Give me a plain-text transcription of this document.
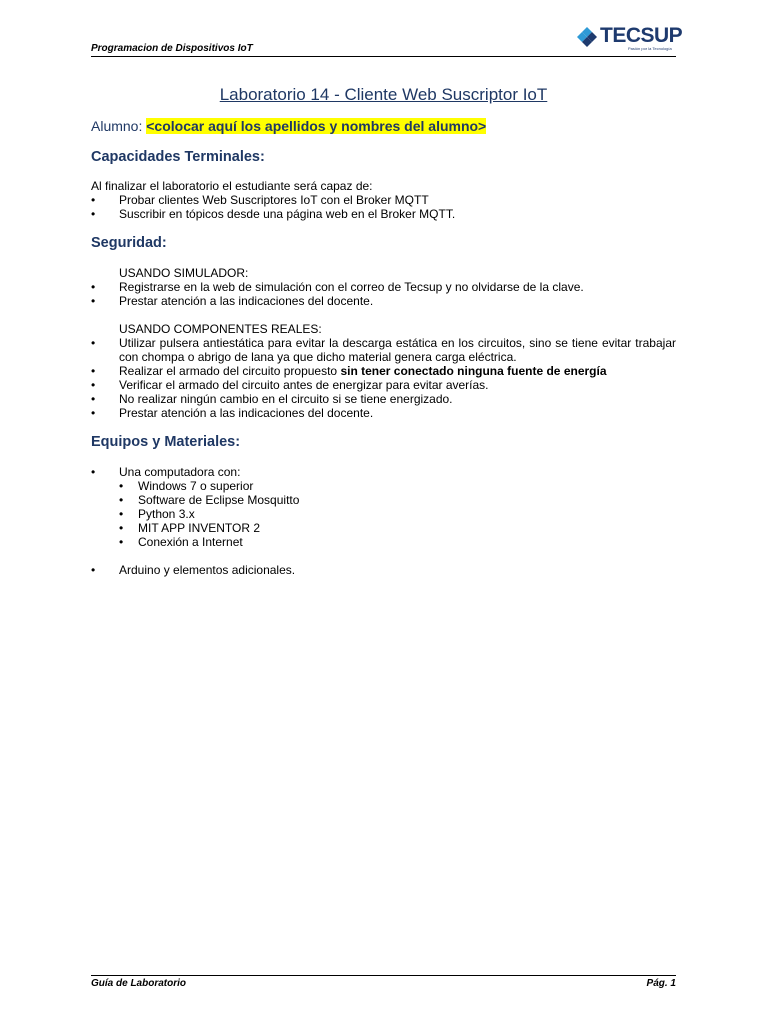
Programacion de Dispositivos IoT
TECSUP
Pasión por la Tecnología
Laboratorio 14 - Cliente Web Suscriptor IoT
Alumno: <colocar aquí los apellidos y nombres del alumno>
Capacidades Terminales:
Al finalizar el laboratorio el estudiante será capaz de:
• Probar clientes Web Suscriptores IoT con el Broker MQTT
• Suscribir en tópicos desde una página web en el Broker MQTT.
Seguridad:
USANDO SIMULADOR:
• Registrarse en la web de simulación con el correo de Tecsup y no olvidarse de la clave.
• Prestar atención a las indicaciones del docente.
USANDO COMPONENTES REALES:
• Utilizar pulsera antiestática para evitar la descarga estática en los circuitos, sino se tiene evitar trabajar con chompa o abrigo de lana ya que dicho material genera carga eléctrica.
• Realizar el armado del circuito propuesto sin tener conectado ninguna fuente de energía
• Verificar el armado del circuito antes de energizar para evitar averías.
• No realizar ningún cambio en el circuito si se tiene energizado.
• Prestar atención a las indicaciones del docente.
Equipos y Materiales:
• Una computadora con:
• Windows 7 o superior
• Software de Eclipse Mosquitto
• Python 3.x
• MIT APP INVENTOR 2
• Conexión a Internet
• Arduino y elementos adicionales.
Guía de Laboratorio	Pág. 1
